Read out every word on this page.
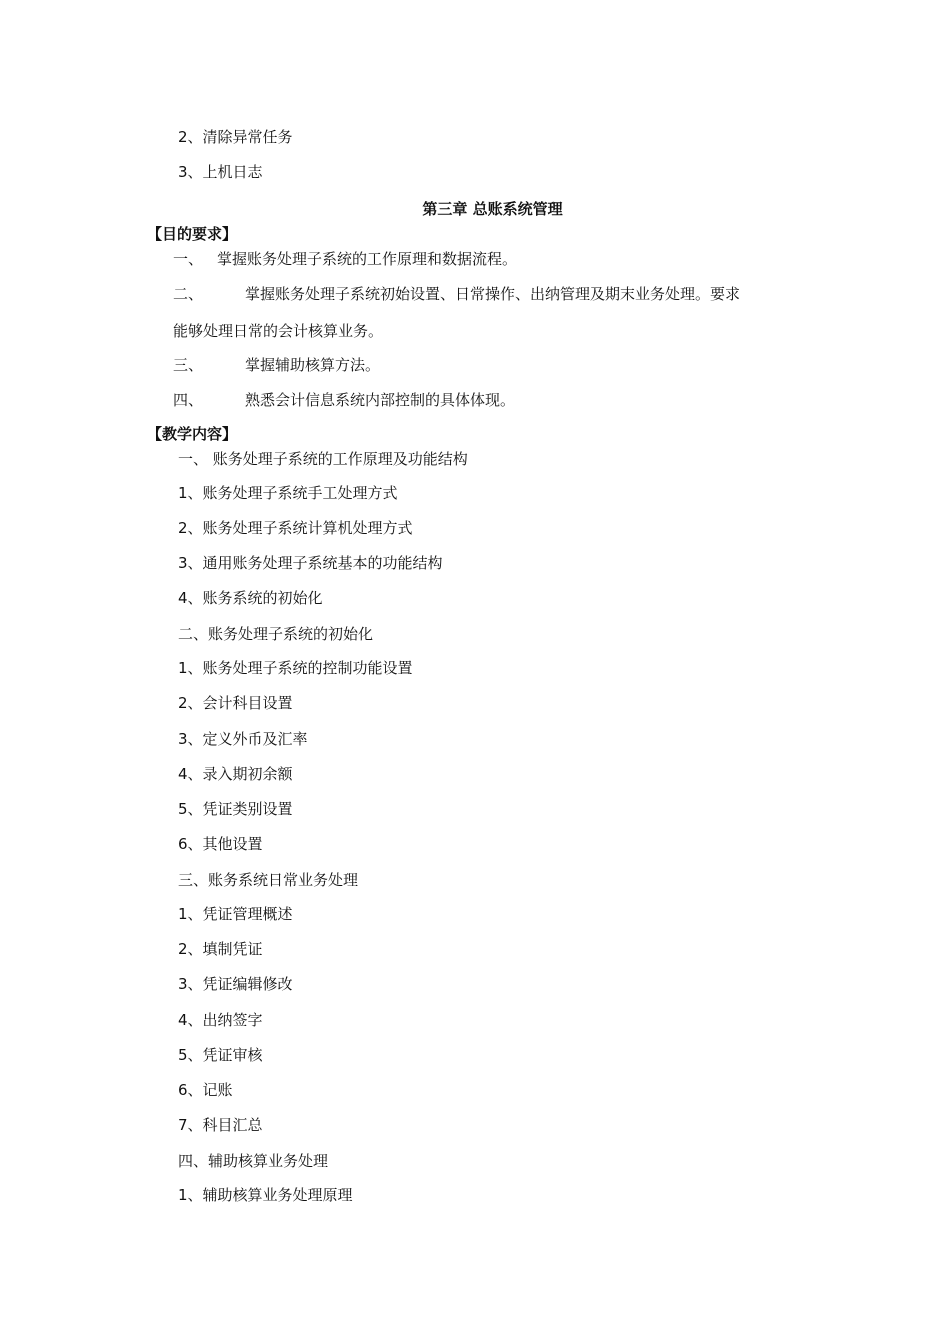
2、清除异常任务
3、上机日志
第三章 总账系统管理
【目的要求】
一、 掌握账务处理子系统的工作原理和数据流程。
二、	掌握账务处理子系统初始设置、日常操作、出纳管理及期末业务处理。要求
能够处理日常的会计核算业务。
三、	掌握辅助核算方法。
四、	熟悉会计信息系统内部控制的具体体现。
【教学内容】
一、 账务处理子系统的工作原理及功能结构
1、账务处理子系统手工处理方式
2、账务处理子系统计算机处理方式
3、通用账务处理子系统基本的功能结构
4、账务系统的初始化
二、账务处理子系统的初始化
1、账务处理子系统的控制功能设置
2、会计科目设置
3、定义外币及汇率
4、录入期初余额
5、凭证类别设置
6、其他设置
三、账务系统日常业务处理
1、凭证管理概述
2、填制凭证
3、凭证编辑修改
4、出纳签字
5、凭证审核
6、记账
7、科目汇总
四、辅助核算业务处理
1、辅助核算业务处理原理
